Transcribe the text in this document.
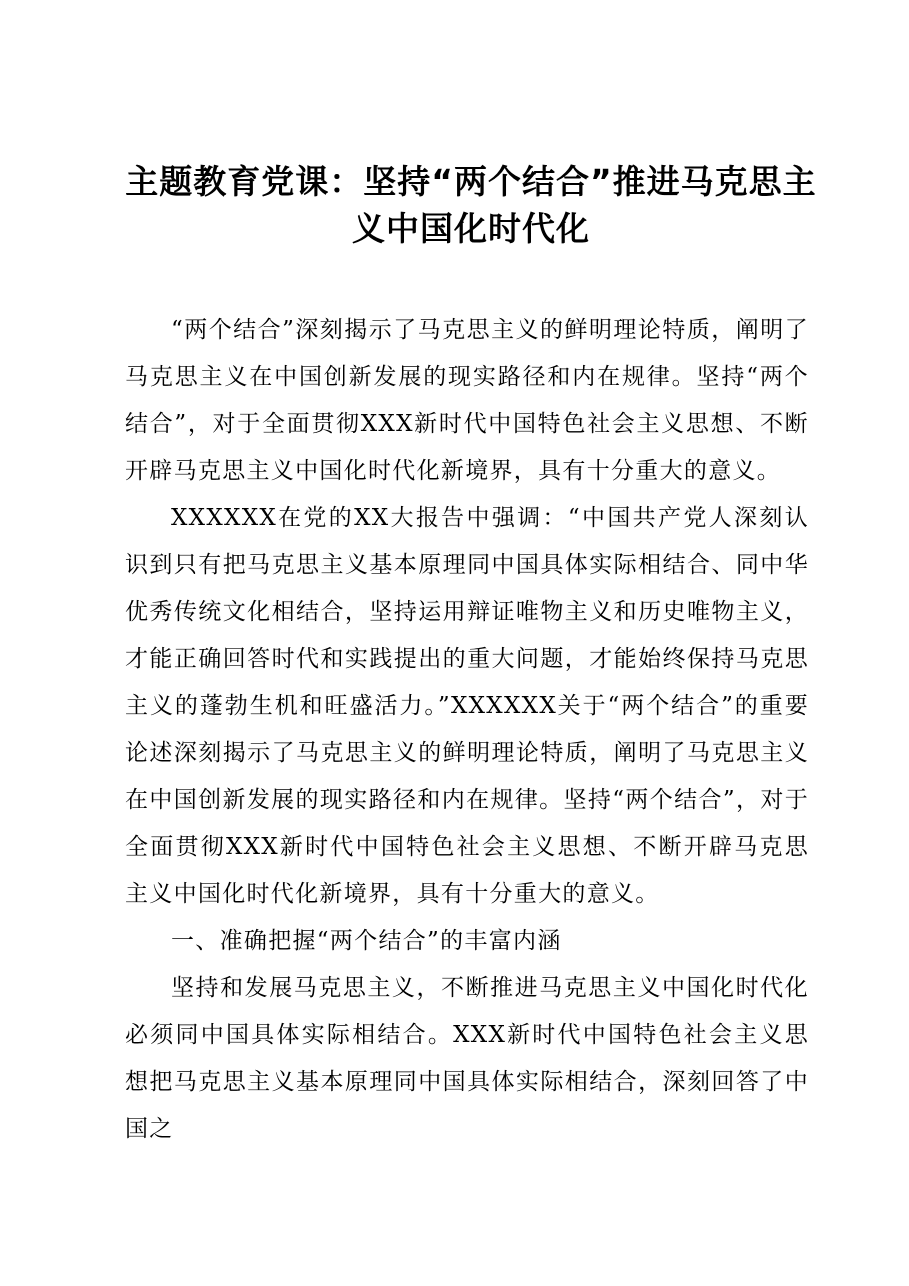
主题教育党课：坚持“两个结合”推进马克思主义中国化时代化

“两个结合”深刻揭示了马克思主义的鲜明理论特质，阐明了马克思主义在中国创新发展的现实路径和内在规律。坚持“两个结合”，对于全面贯彻XXX新时代中国特色社会主义思想、不断开辟马克思主义中国化时代化新境界，具有十分重大的意义。

XXXXXX在党的XX大报告中强调：“中国共产党人深刻认识到只有把马克思主义基本原理同中国具体实际相结合、同中华优秀传统文化相结合，坚持运用辩证唯物主义和历史唯物主义，才能正确回答时代和实践提出的重大问题，才能始终保持马克思主义的蓬勃生机和旺盛活力。”XXXXXX关于“两个结合”的重要论述深刻揭示了马克思主义的鲜明理论特质，阐明了马克思主义在中国创新发展的现实路径和内在规律。坚持“两个结合”，对于全面贯彻XXX新时代中国特色社会主义思想、不断开辟马克思主义中国化时代化新境界，具有十分重大的意义。

一、准确把握“两个结合”的丰富内涵

坚持和发展马克思主义，不断推进马克思主义中国化时代化必须同中国具体实际相结合。XXX新时代中国特色社会主义思想把马克思主义基本原理同中国具体实际相结合，深刻回答了中国之
